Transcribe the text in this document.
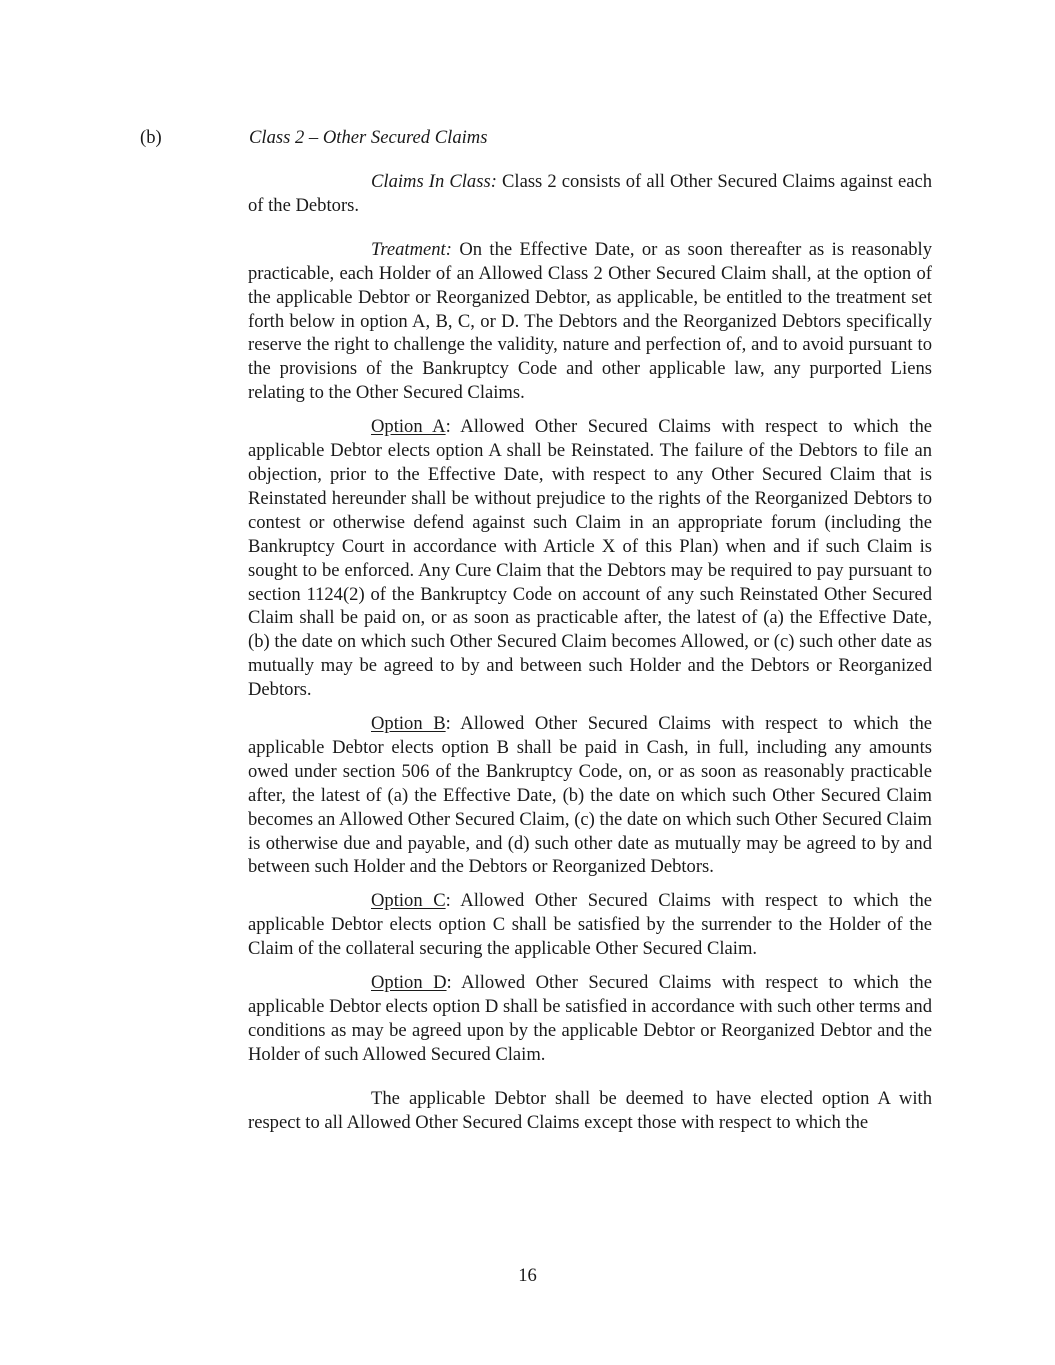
(b)	Class 2 – Other Secured Claims

Claims In Class: Class 2 consists of all Other Secured Claims against each of the Debtors.

Treatment: On the Effective Date, or as soon thereafter as is reasonably practicable, each Holder of an Allowed Class 2 Other Secured Claim shall, at the option of the applicable Debtor or Reorganized Debtor, as applicable, be entitled to the treatment set forth below in option A, B, C, or D. The Debtors and the Reorganized Debtors specifically reserve the right to challenge the validity, nature and perfection of, and to avoid pursuant to the provisions of the Bankruptcy Code and other applicable law, any purported Liens relating to the Other Secured Claims.

Option A: Allowed Other Secured Claims with respect to which the applicable Debtor elects option A shall be Reinstated. The failure of the Debtors to file an objection, prior to the Effective Date, with respect to any Other Secured Claim that is Reinstated hereunder shall be without prejudice to the rights of the Reorganized Debtors to contest or otherwise defend against such Claim in an appropriate forum (including the Bankruptcy Court in accordance with Article X of this Plan) when and if such Claim is sought to be enforced. Any Cure Claim that the Debtors may be required to pay pursuant to section 1124(2) of the Bankruptcy Code on account of any such Reinstated Other Secured Claim shall be paid on, or as soon as practicable after, the latest of (a) the Effective Date, (b) the date on which such Other Secured Claim becomes Allowed, or (c) such other date as mutually may be agreed to by and between such Holder and the Debtors or Reorganized Debtors.

Option B: Allowed Other Secured Claims with respect to which the applicable Debtor elects option B shall be paid in Cash, in full, including any amounts owed under section 506 of the Bankruptcy Code, on, or as soon as reasonably practicable after, the latest of (a) the Effective Date, (b) the date on which such Other Secured Claim becomes an Allowed Other Secured Claim, (c) the date on which such Other Secured Claim is otherwise due and payable, and (d) such other date as mutually may be agreed to by and between such Holder and the Debtors or Reorganized Debtors.

Option C: Allowed Other Secured Claims with respect to which the applicable Debtor elects option C shall be satisfied by the surrender to the Holder of the Claim of the collateral securing the applicable Other Secured Claim.

Option D: Allowed Other Secured Claims with respect to which the applicable Debtor elects option D shall be satisfied in accordance with such other terms and conditions as may be agreed upon by the applicable Debtor or Reorganized Debtor and the Holder of such Allowed Secured Claim.

The applicable Debtor shall be deemed to have elected option A with respect to all Allowed Other Secured Claims except those with respect to which the

16
